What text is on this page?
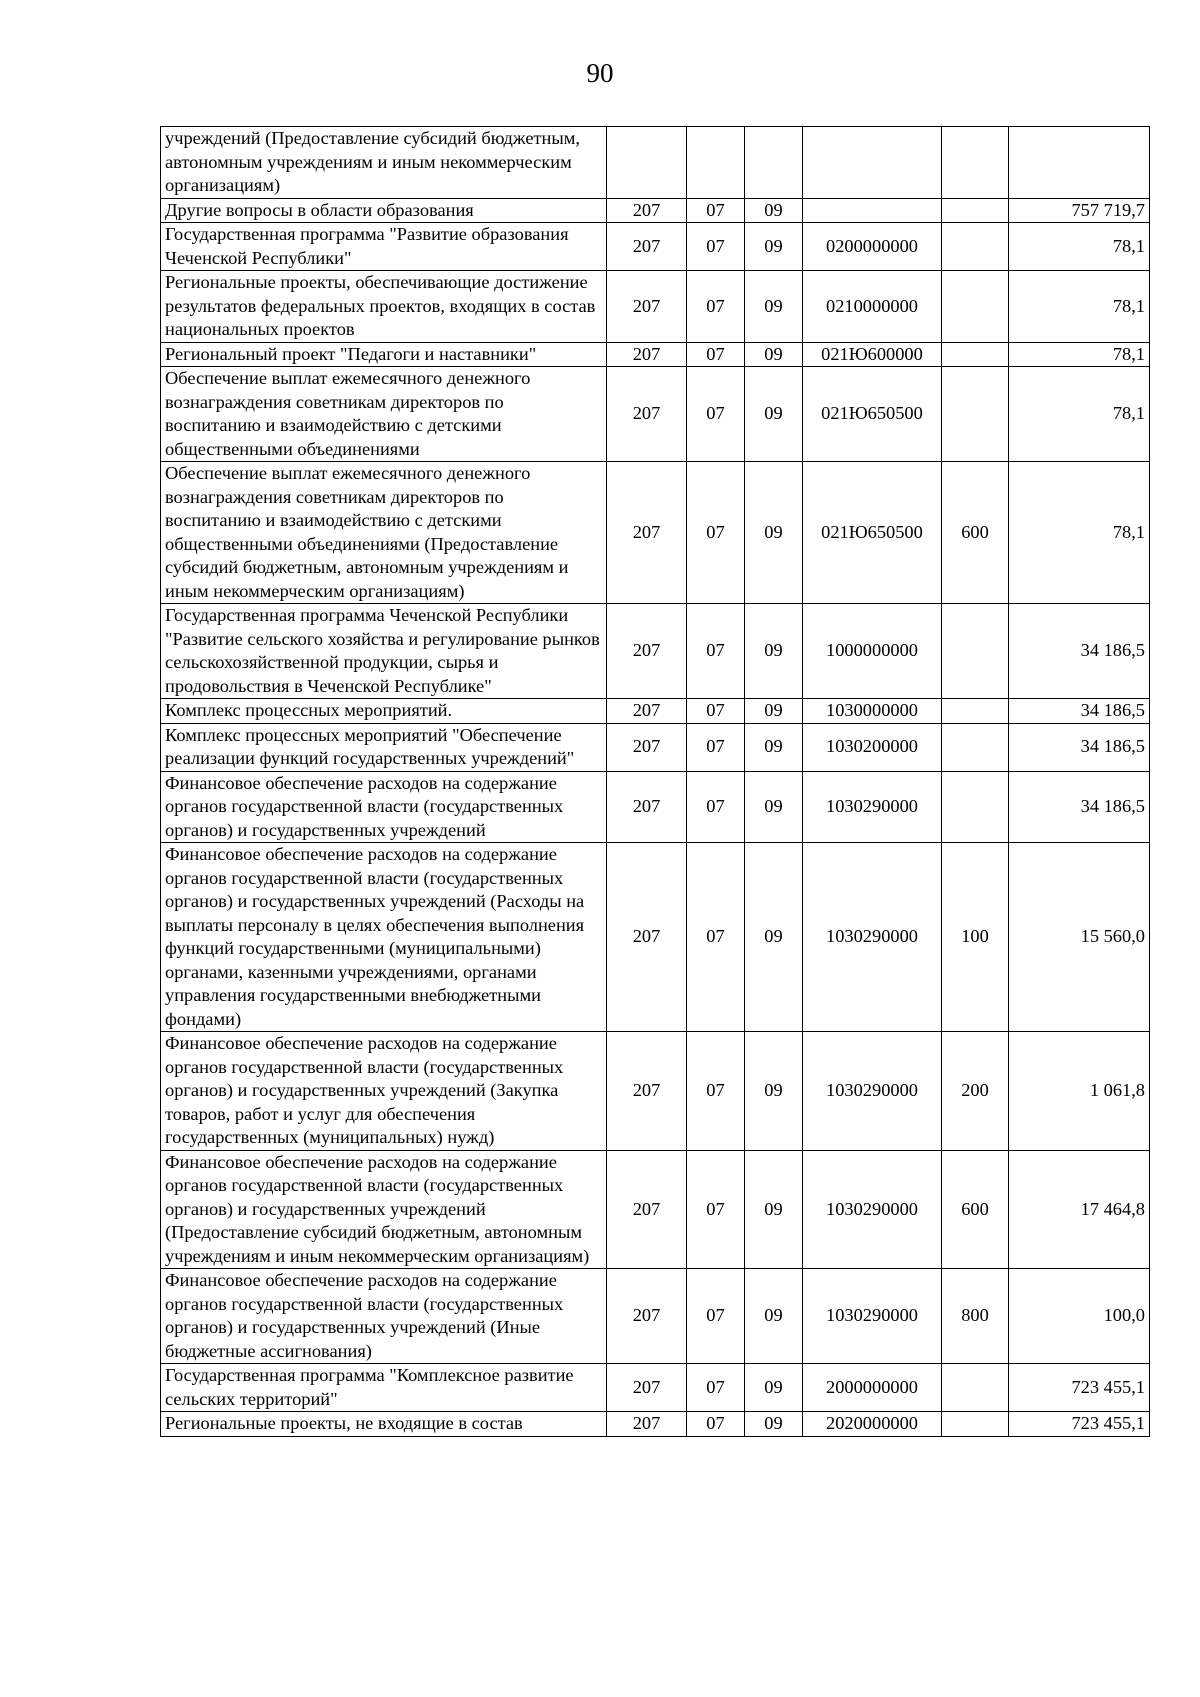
90
учреждений (Предоставление субсидий бюджетным, автономным учреждениям и иным некоммерческим организациям)						
Другие вопросы в области образования	207	07	09			757 719,7
Государственная программа "Развитие образования Чеченской Республики"	207	07	09	0200000000		78,1
Региональные проекты, обеспечивающие достижение результатов федеральных проектов, входящих в состав национальных проектов	207	07	09	0210000000		78,1
Региональный проект "Педагоги и наставники"	207	07	09	021Ю600000		78,1
Обеспечение выплат ежемесячного денежного вознаграждения советникам директоров по воспитанию и взаимодействию с детскими общественными объединениями	207	07	09	021Ю650500		78,1
Обеспечение выплат ежемесячного денежного вознаграждения советникам директоров по воспитанию и взаимодействию с детскими общественными объединениями (Предоставление субсидий бюджетным, автономным учреждениям и иным некоммерческим организациям)	207	07	09	021Ю650500	600	78,1
Государственная программа Чеченской Республики "Развитие сельского хозяйства и регулирование рынков сельскохозяйственной продукции, сырья и продовольствия в Чеченской Республике"	207	07	09	1000000000		34 186,5
Комплекс процессных мероприятий.	207	07	09	1030000000		34 186,5
Комплекс процессных мероприятий "Обеспечение реализации функций государственных учреждений"	207	07	09	1030200000		34 186,5
Финансовое обеспечение расходов на содержание органов государственной власти (государственных органов) и государственных учреждений	207	07	09	1030290000		34 186,5
Финансовое обеспечение расходов на содержание органов государственной власти (государственных органов) и государственных учреждений (Расходы на выплаты персоналу в целях обеспечения выполнения функций государственными (муниципальными) органами, казенными учреждениями, органами управления государственными внебюджетными фондами)	207	07	09	1030290000	100	15 560,0
Финансовое обеспечение расходов на содержание органов государственной власти (государственных органов) и государственных учреждений (Закупка товаров, работ и услуг для обеспечения государственных (муниципальных) нужд)	207	07	09	1030290000	200	1 061,8
Финансовое обеспечение расходов на содержание органов государственной власти (государственных органов) и государственных учреждений (Предоставление субсидий бюджетным, автономным учреждениям и иным некоммерческим организациям)	207	07	09	1030290000	600	17 464,8
Финансовое обеспечение расходов на содержание органов государственной власти (государственных органов) и государственных учреждений (Иные бюджетные ассигнования)	207	07	09	1030290000	800	100,0
Государственная программа "Комплексное развитие сельских территорий"	207	07	09	2000000000		723 455,1
Региональные проекты, не входящие в состав	207	07	09	2020000000		723 455,1
